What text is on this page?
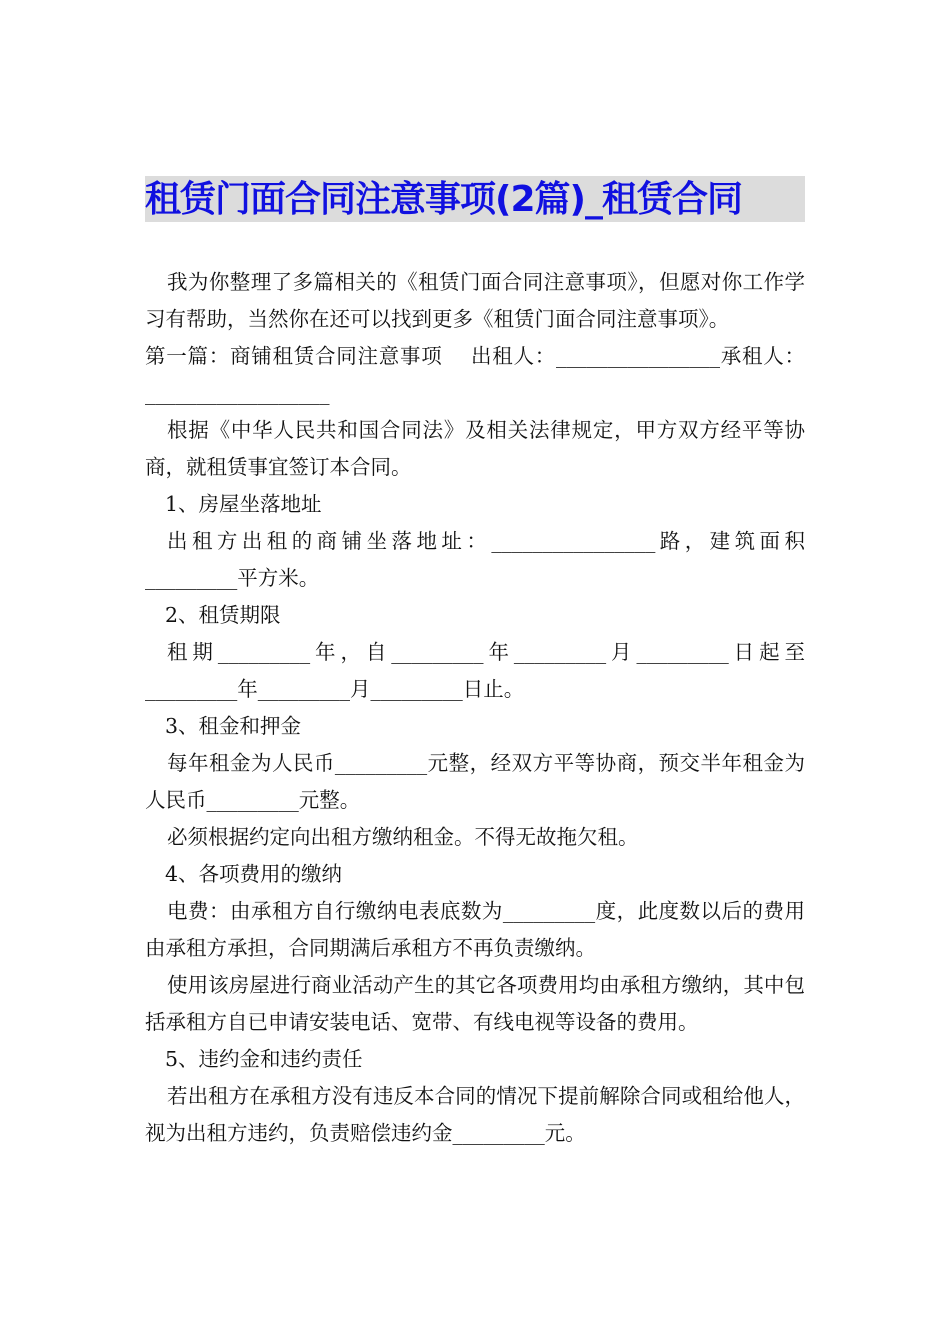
租赁门面合同注意事项(2篇)_租赁合同

我为你整理了多篇相关的《租赁门面合同注意事项》，但愿对你工作学习有帮助，当然你在还可以找到更多《租赁门面合同注意事项》。

第一篇：商铺租赁合同注意事项　 出租人：________________承租人：__________________

根据《中华人民共和国合同法》及相关法律规定，甲方双方经平等协商，就租赁事宜签订本合同。

1、房屋坐落地址

出租方出租的商铺坐落地址：________________路，建筑面积_________平方米。

2、租赁期限

租期_________年，自_________年_________月_________日起至_________年_________月_________日止。

3、租金和押金

每年租金为人民币_________元整，经双方平等协商，预交半年租金为人民币_________元整。

必须根据约定向出租方缴纳租金。不得无故拖欠租。

4、各项费用的缴纳

电费：由承租方自行缴纳电表底数为_________度，此度数以后的费用由承租方承担，合同期满后承租方不再负责缴纳。

使用该房屋进行商业活动产生的其它各项费用均由承租方缴纳，其中包括承租方自已申请安装电话、宽带、有线电视等设备的费用。

5、违约金和违约责任

若出租方在承租方没有违反本合同的情况下提前解除合同或租给他人，视为出租方违约，负责赔偿违约金_________元。
